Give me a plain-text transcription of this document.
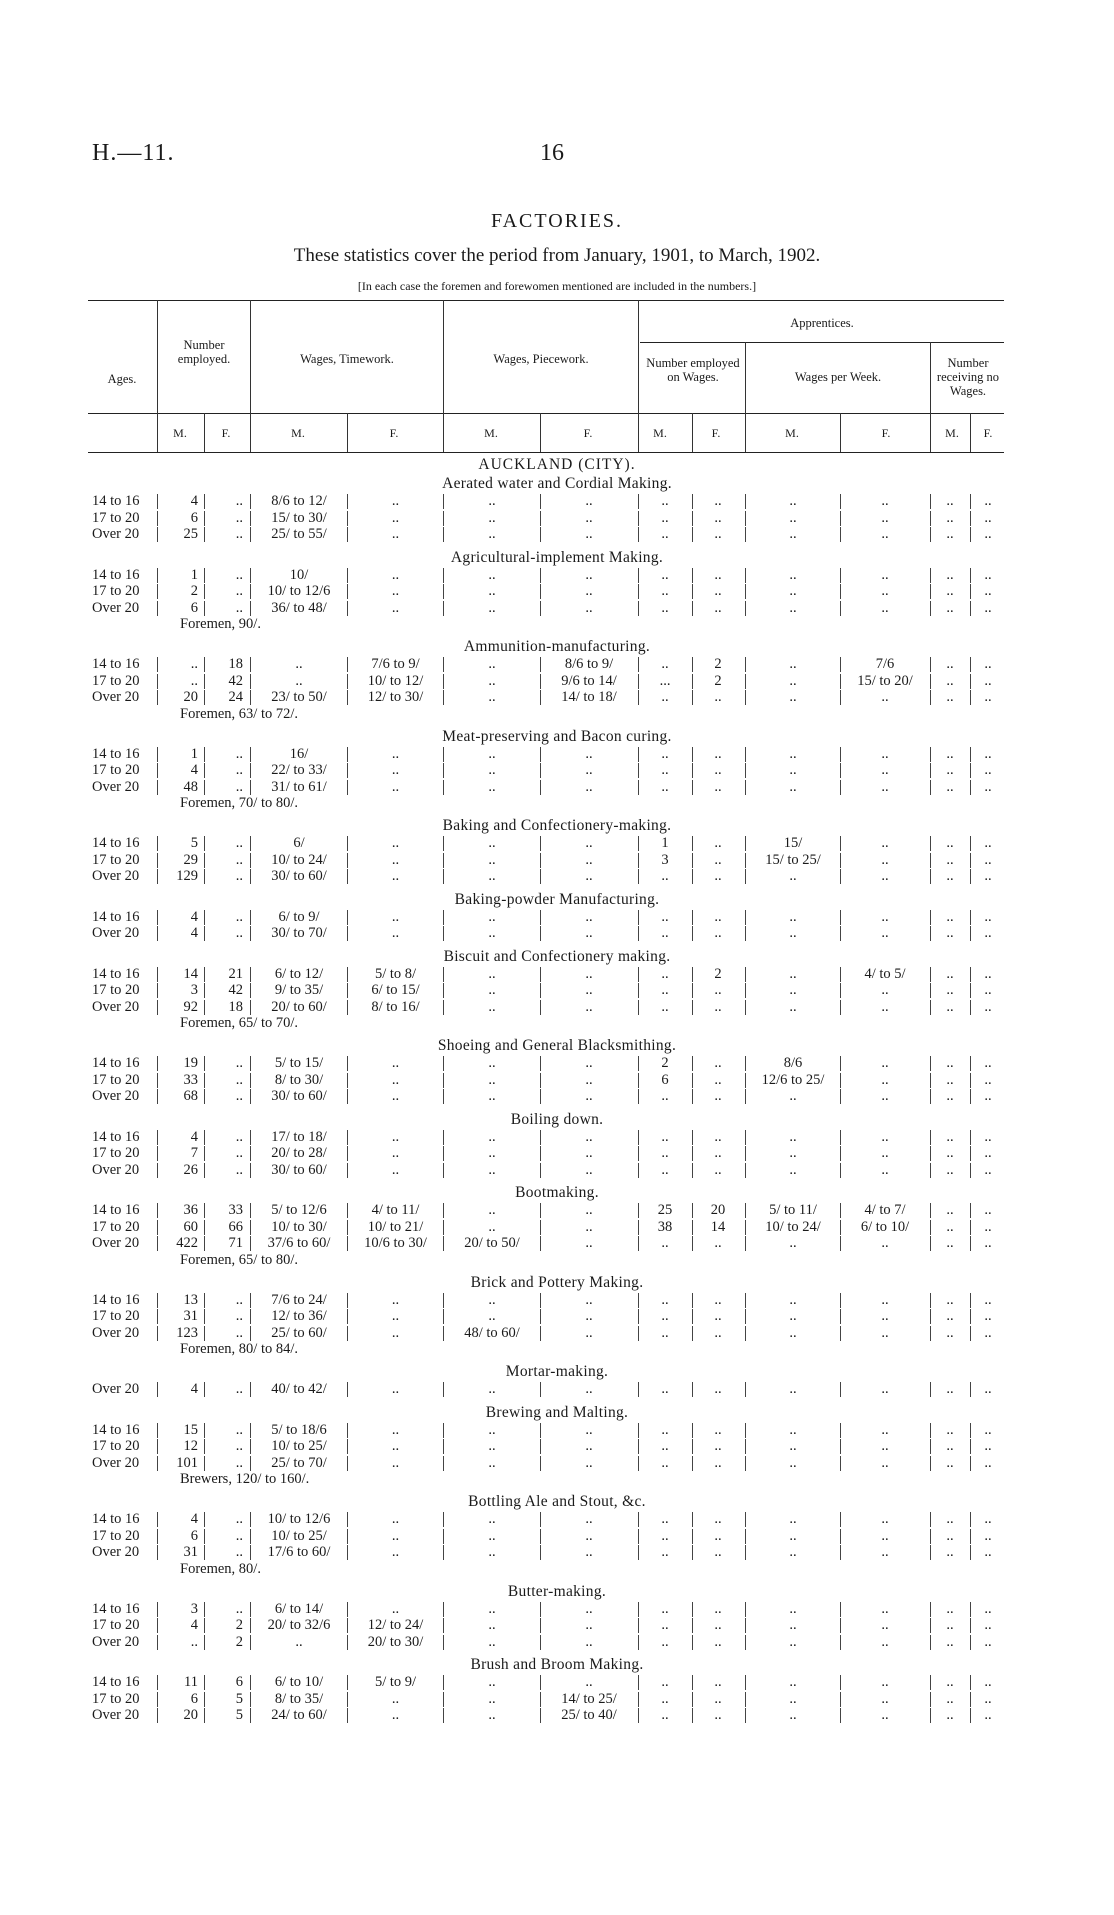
H.—11.	16
FACTORIES.
These statistics cover the period from January, 1901, to March, 1902.
[In each case the foremen and forewomen mentioned are included in the numbers.]
Ages.
Number employed.	Wages, Timework.	Wages, Piecework.
Apprentices.
Number employed on Wages.	Wages per Week.
Number receiving no Wages.
M.	F.	M.	F.	M.	F.	M.	F.	M.	F.	M.	F.
AUCKLAND (CITY).
Aerated water and Cordial Making.
14 to 16	4	..	8/6 to 12/	..	..	..	..	..	..	..	..	..
17 to 20	6	..	15/ to 30/	..	..	..	..	..	..	..	..	..
Over 20	25	..	25/ to 55/	..	..	..	..	..	..	..	..	..
Agricultural-implement Making.
14 to 16	1	..	10/	..	..	..	..	..	..	..	..	..
17 to 20	2	..	10/ to 12/6	..	..	..	..	..	..	..	..	..
Over 20	6	..	36/ to 48/	..	..	..	..	..	..	..	..	..
Foremen, 90/.
Ammunition-manufacturing.
14 to 16	..	18	..	7/6 to 9/	..	8/6 to 9/	..	2	..	7/6	..	..
17 to 20	..	42	..	10/ to 12/	..	9/6 to 14/	...	2	..	15/ to 20/	..	..
Over 20	20	24	23/ to 50/	12/ to 30/	..	14/ to 18/	..	..	..	..	..	..
Foremen, 63/ to 72/.
Meat-preserving and Bacon curing.
14 to 16	1	..	16/	..	..	..	..	..	..	..	..	..
17 to 20	4	..	22/ to 33/	..	..	..	..	..	..	..	..	..
Over 20	48	..	31/ to 61/	..	..	..	..	..	..	..	..	..
Foremen, 70/ to 80/.
Baking and Confectionery-making.
14 to 16	5	..	6/	..	..	..	1	..	15/	..	..	..
17 to 20	29	..	10/ to 24/	..	..	..	3	..	15/ to 25/	..	..	..
Over 20	129	..	30/ to 60/	..	..	..	..	..	..	..	..	..
Baking-powder Manufacturing.
14 to 16	4	..	6/ to 9/	..	..	..	..	..	..	..	..	..
Over 20	4	..	30/ to 70/	..	..	..	..	..	..	..	..	..
Biscuit and Confectionery making.
14 to 16	14	21	6/ to 12/	5/ to 8/	..	..	..	2	..	4/ to 5/	..	..
17 to 20	3	42	9/ to 35/	6/ to 15/	..	..	..	..	..	..	..	..
Over 20	92	18	20/ to 60/	8/ to 16/	..	..	..	..	..	..	..	..
Foremen, 65/ to 70/.
Shoeing and General Blacksmithing.
14 to 16	19	..	5/ to 15/	..	..	..	2	..	8/6	..	..	..
17 to 20	33	..	8/ to 30/	..	..	..	6	..	12/6 to 25/	..	..	..
Over 20	68	..	30/ to 60/	..	..	..	..	..	..	..	..	..
Boiling down.
14 to 16	4	..	17/ to 18/	..	..	..	..	..	..	..	..	..
17 to 20	7	..	20/ to 28/	..	..	..	..	..	..	..	..	..
Over 20	26	..	30/ to 60/	..	..	..	..	..	..	..	..	..
Bootmaking.
14 to 16	36	33	5/ to 12/6	4/ to 11/	..	..	25	20	5/ to 11/	4/ to 7/	..	..
17 to 20	60	66	10/ to 30/	10/ to 21/	..	..	38	14	10/ to 24/	6/ to 10/	..	..
Over 20	422	71	37/6 to 60/	10/6 to 30/	20/ to 50/	..	..	..	..	..	..	..
Foremen, 65/ to 80/.
Brick and Pottery Making.
14 to 16	13	..	7/6 to 24/	..	..	..	..	..	..	..	..	..
17 to 20	31	..	12/ to 36/	..	..	..	..	..	..	..	..	..
Over 20	123	..	25/ to 60/	..	48/ to 60/	..	..	..	..	..	..	..
Foremen, 80/ to 84/.
Mortar-making.
Over 20	4	..	40/ to 42/	..	..	..	..	..	..	..	..	..
Brewing and Malting.
14 to 16	15	..	5/ to 18/6	..	..	..	..	..	..	..	..	..
17 to 20	12	..	10/ to 25/	..	..	..	..	..	..	..	..	..
Over 20	101	..	25/ to 70/	..	..	..	..	..	..	..	..	..
Brewers, 120/ to 160/.
Bottling Ale and Stout, &c.
14 to 16	4	..	10/ to 12/6	..	..	..	..	..	..	..	..	..
17 to 20	6	..	10/ to 25/	..	..	..	..	..	..	..	..	..
Over 20	31	..	17/6 to 60/	..	..	..	..	..	..	..	..	..
Foremen, 80/.
Butter-making.
14 to 16	3	..	6/ to 14/	..	..	..	..	..	..	..	..	..
17 to 20	4	2	20/ to 32/6	12/ to 24/	..	..	..	..	..	..	..	..
Over 20	..	2	..	20/ to 30/	..	..	..	..	..	..	..	..
Brush and Broom Making.
14 to 16	11	6	6/ to 10/	5/ to 9/	..	..	..	..	..	..	..	..
17 to 20	6	5	8/ to 35/	..	..	14/ to 25/	..	..	..	..	..	..
Over 20	20	5	24/ to 60/	..	..	25/ to 40/	..	..	..	..	..	..
